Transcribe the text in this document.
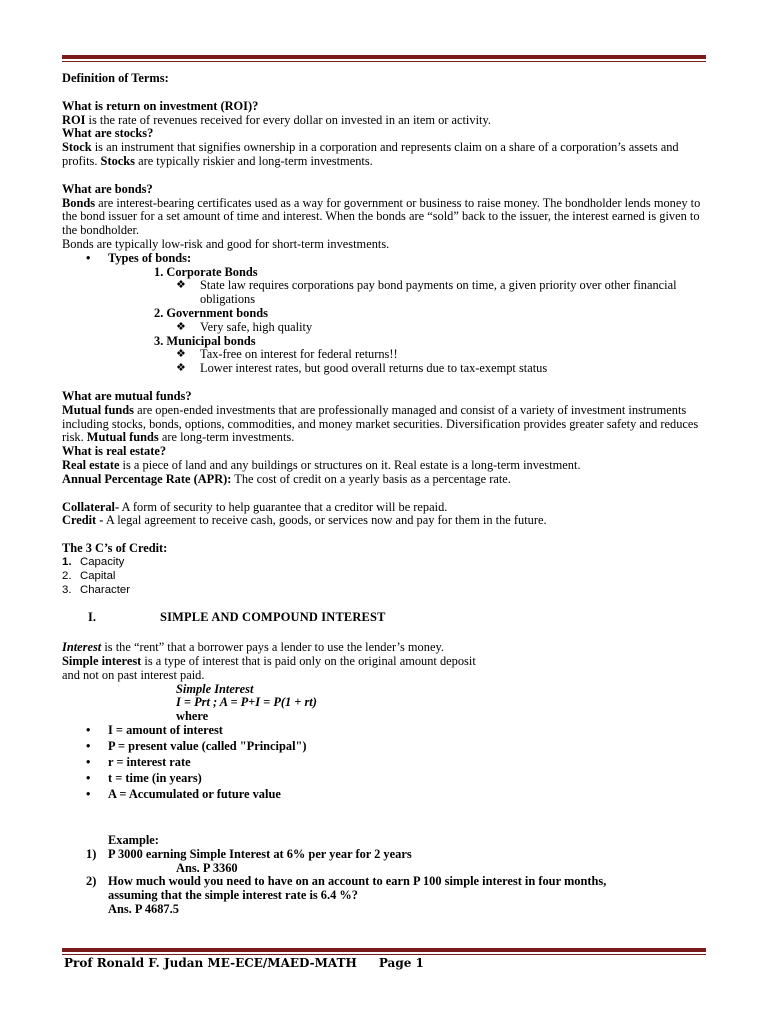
Definition of Terms:

What is return on investment (ROI)?

ROI is the rate of revenues received for every dollar on invested in an item or activity.

What are stocks?

Stock is an instrument that signifies ownership in a corporation and represents claim on a share of a corporation’s assets and profits. Stocks are typically riskier and long-term investments.

What are bonds?

Bonds are interest-bearing certificates used as a way for government or business to raise money. The bondholder lends money to the bond issuer for a set amount of time and interest. When the bonds are “sold” back to the issuer, the interest earned is given to the bondholder.

Bonds are typically low-risk and good for short-term investments.

• Types of bonds:

1. Corporate Bonds

❖ State law requires corporations pay bond payments on time, a given priority over other financial obligations

2. Government bonds

❖ Very safe, high quality

3. Municipal bonds

❖ Tax-free on interest for federal returns!!
❖ Lower interest rates, but good overall returns due to tax-exempt status

What are mutual funds?

Mutual funds are open-ended investments that are professionally managed and consist of a variety of investment instruments including stocks, bonds, options, commodities, and money market securities. Diversification provides greater safety and reduces risk. Mutual funds are long-term investments.

What is real estate?

Real estate is a piece of land and any buildings or structures on it. Real estate is a long-term investment.

Annual Percentage Rate (APR): The cost of credit on a yearly basis as a percentage rate.

Collateral- A form of security to help guarantee that a creditor will be repaid.

Credit - A legal agreement to receive cash, goods, or services now and pay for them in the future.

The 3 C’s of Credit:

1. Capacity
2. Capital
3. Character
I.	SIMPLE AND COMPOUND INTEREST

Interest is the “rent” that a borrower pays a lender to use the lender’s money.

Simple interest is a type of interest that is paid only on the original amount deposit

and not on past interest paid.

Simple Interest

I = Prt ; A = P+I = P(1 + rt)

where

• I = amount of interest
• P = present value (called "Principal")
• r = interest rate
• t = time (in years)
• A = Accumulated or future value

Example:

1) P 3000 earning Simple Interest at 6% per year for 2 years
Ans. P 3360
2) How much would you need to have on an account to earn P 100 simple interest in four months,
assuming that the simple interest rate is 6.4 %?
Ans. P 4687.5
Prof Ronald F. Judan ME-ECE/MAED-MATH Page 1
